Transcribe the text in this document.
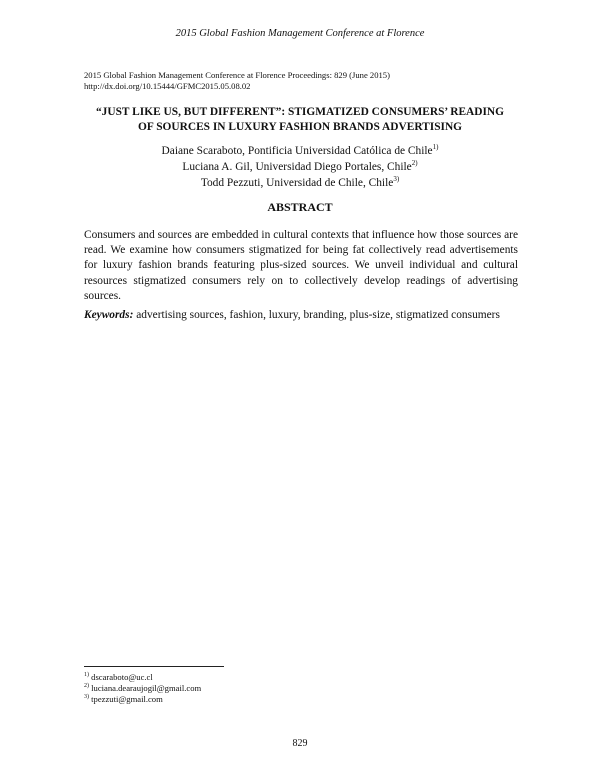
2015 Global Fashion Management Conference at Florence
2015 Global Fashion Management Conference at Florence Proceedings: 829 (June 2015)
http://dx.doi.org/10.15444/GFMC2015.05.08.02
“JUST LIKE US, BUT DIFFERENT”: STIGMATIZED CONSUMERS’ READING
OF SOURCES IN LUXURY FASHION BRANDS ADVERTISING
Daiane Scaraboto, Pontificia Universidad Católica de Chile$^{1)}$
Luciana A. Gil, Universidad Diego Portales, Chile$^{2)}$
Todd Pezzuti, Universidad de Chile, Chile$^{3)}$
ABSTRACT
Consumers and sources are embedded in cultural contexts that influence how those sources are read. We examine how consumers stigmatized for being fat collectively read advertisements for luxury fashion brands featuring plus-sized sources. We unveil individual and cultural resources stigmatized consumers rely on to collectively develop readings of advertising sources.
Keywords: advertising sources, fashion, luxury, branding, plus-size, stigmatized consumers
$^{1)}$ dscaraboto@uc.cl
$^{2)}$ luciana.dearaujogil@gmail.com
$^{3)}$ tpezzuti@gmail.com
829
